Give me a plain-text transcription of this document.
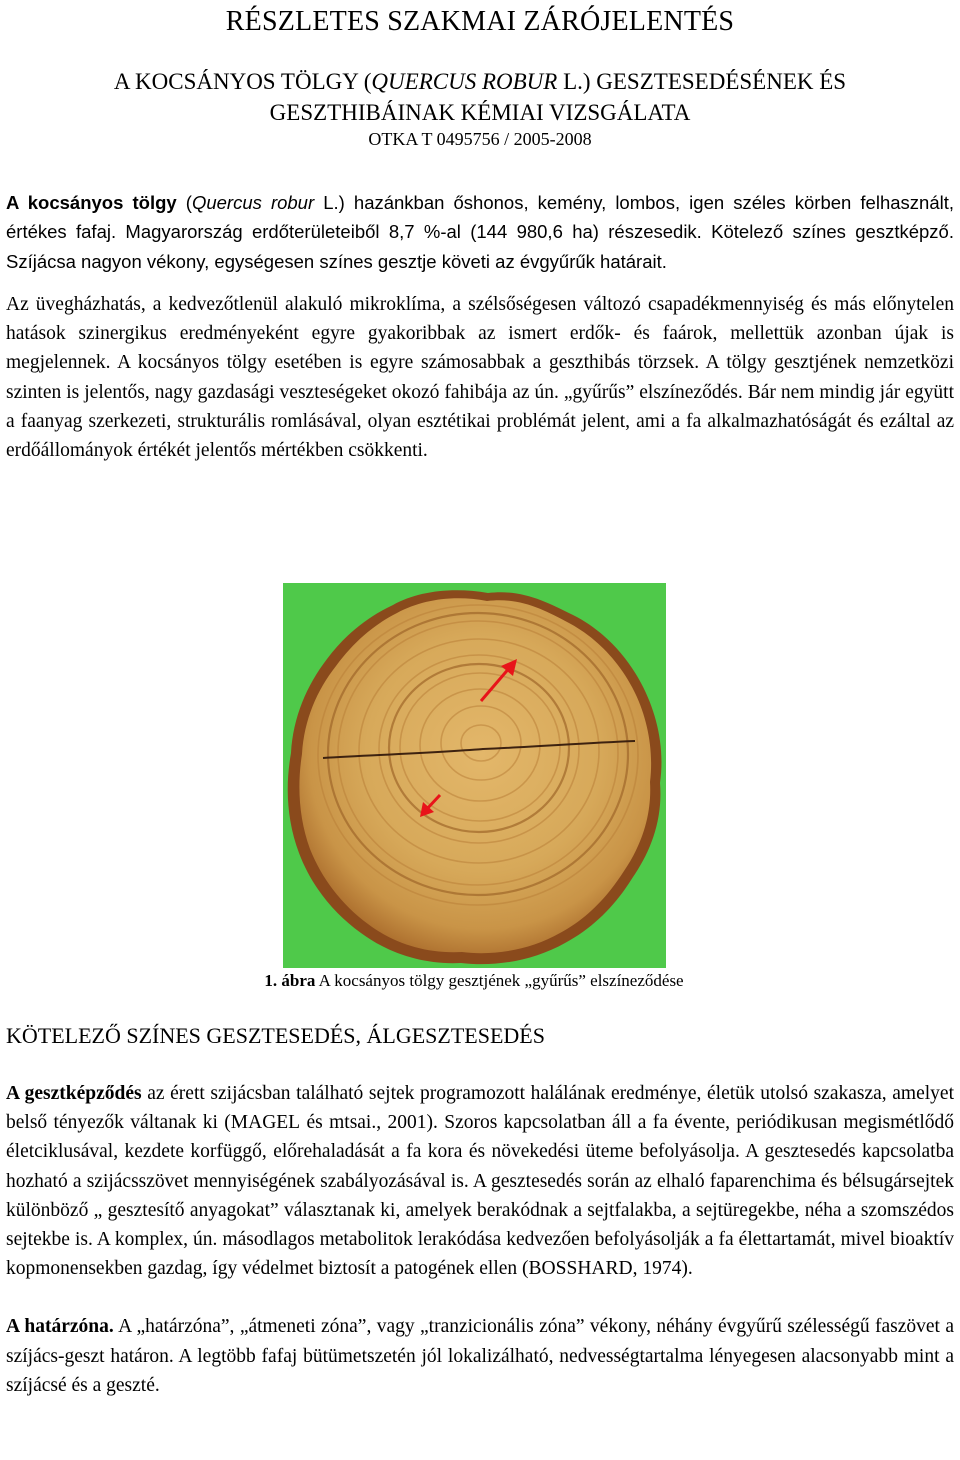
RÉSZLETES SZAKMAI ZÁRÓJELENTÉS
A KOCSÁNYOS TÖLGY (QUERCUS ROBUR L.) GESZTESEDÉSÉNEK ÉS
GESZTHIBÁINAK KÉMIAI VIZSGÁLATA
OTKA T 0495756 / 2005-2008

A kocsányos tölgy (Quercus robur L.) hazánkban őshonos, kemény, lombos, igen széles körben felhasznált, értékes fafaj. Magyarország erdőterületeiből 8,7 %-al (144 980,6 ha) részesedik. Kötelező színes gesztképző. Szíjácsa nagyon vékony, egységesen színes gesztje követi az évgyűrűk határait.

Az üvegházhatás, a kedvezőtlenül alakuló mikroklíma, a szélsőségesen változó csapadékmennyiség és más előnytelen hatások szinergikus eredményeként egyre gyakoribbak az ismert erdők- és faárok, mellettük azonban újak is megjelennek. A kocsányos tölgy esetében is egyre számosabbak a geszthibás törzsek. A tölgy gesztjének nemzetközi szinten is jelentős, nagy gazdasági veszteségeket okozó fahibája az ún. „gyűrűs” elszíneződés. Bár nem mindig jár együtt a faanyag szerkezeti, strukturális romlásával, olyan esztétikai problémát jelent, ami a fa alkalmazhatóságát és ezáltal az erdőállományok értékét jelentős mértékben csökkenti.

KÖTELEZŐ SZÍNES GESZTESEDÉS, ÁLGESZTESEDÉS

A gesztképződés az érett szijácsban található sejtek programozott halálának eredménye, életük utolsó szakasza, amelyet belső tényezők váltanak ki (MAGEL és mtsai., 2001). Szoros kapcsolatban áll a fa évente, periódikusan megismétlődő életciklusával, kezdete korfüggő, előrehaladását a fa kora és növekedési üteme befolyásolja. A gesztesedés kapcsolatba hozható a szijácsszövet mennyiségének szabályozásával is. A gesztesedés során az elhaló faparenchima és bélsugársejtek különböző „ gesztesítő anyagokat” választanak ki, amelyek berakódnak a sejtfalakba, a sejtüregekbe, néha a szomszédos sejtekbe is. A komplex, ún. másodlagos metabolitok lerakódása kedvezően befolyásolják a fa élettartamát, mivel bioaktív kopmonensekben gazdag, így védelmet biztosít a patogének ellen (BOSSHARD, 1974).

A határzóna. A „határzóna”, „átmeneti zóna”, vagy „tranzicionális zóna” vékony, néhány évgyűrű szélességű faszövet a szíjács-geszt határon. A legtöbb fafaj bütümetszetén jól lokalizálható, nedvességtartalma lényegesen alacsonyabb mint a szíjácsé és a geszté.

1. ábra A kocsányos tölgy gesztjének „gyűrűs” elszíneződése
